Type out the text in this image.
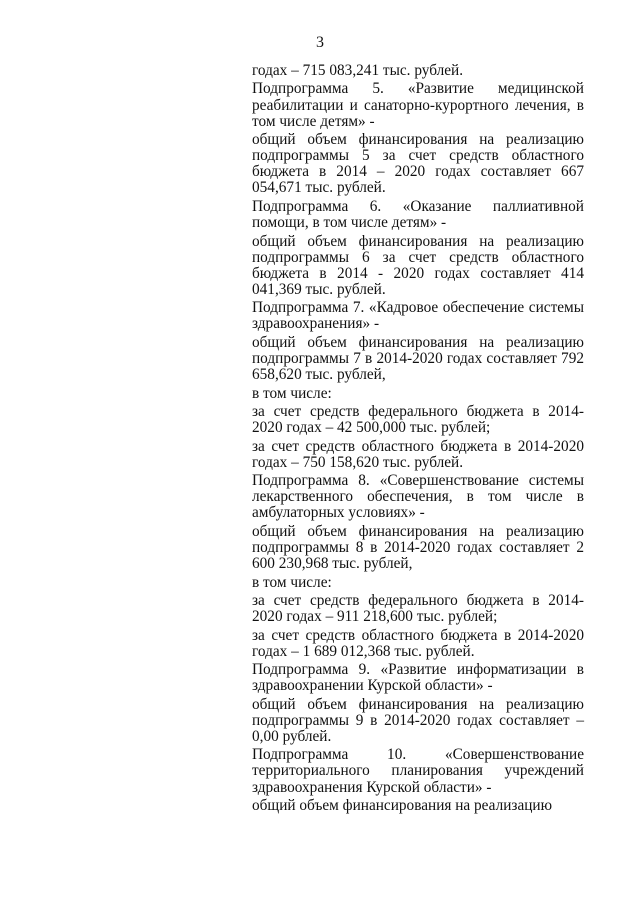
3

годах – 715 083,241 тыс. рублей.

Подпрограмма 5. «Развитие медицинской реабилитации и санаторно-курортного лечения, в том числе детям» -

общий объем финансирования на реализацию подпрограммы 5 за счет средств областного бюджета в 2014 – 2020 годах составляет 667 054,671 тыс. рублей.

Подпрограмма 6. «Оказание паллиативной помощи, в том числе детям» -

общий объем финансирования на реализацию подпрограммы 6 за счет средств областного бюджета в 2014 - 2020 годах составляет 414 041,369 тыс. рублей.

Подпрограмма 7. «Кадровое обеспечение системы здравоохранения» -

общий объем финансирования на реализацию подпрограммы 7 в 2014-2020 годах составляет 792 658,620 тыс. рублей,

в том числе:

за счет средств федерального бюджета в 2014-2020 годах – 42 500,000 тыс. рублей;

за счет средств областного бюджета в 2014-2020 годах – 750 158,620 тыс. рублей.

Подпрограмма 8. «Совершенствование системы лекарственного обеспечения, в том числе в амбулаторных условиях» -

общий объем финансирования на реализацию подпрограммы 8 в 2014-2020 годах составляет 2 600 230,968 тыс. рублей,

в том числе:

за счет средств федерального бюджета в 2014-2020 годах – 911 218,600 тыс. рублей;

за счет средств областного бюджета в 2014-2020 годах – 1 689 012,368 тыс. рублей.

Подпрограмма 9. «Развитие информатизации в здравоохранении Курской области» -

общий объем финансирования на реализацию подпрограммы 9 в 2014-2020 годах составляет – 0,00 рублей.

Подпрограмма 10. «Совершенствование территориального планирования учреждений здравоохранения Курской области» -

общий объем финансирования на реализацию
